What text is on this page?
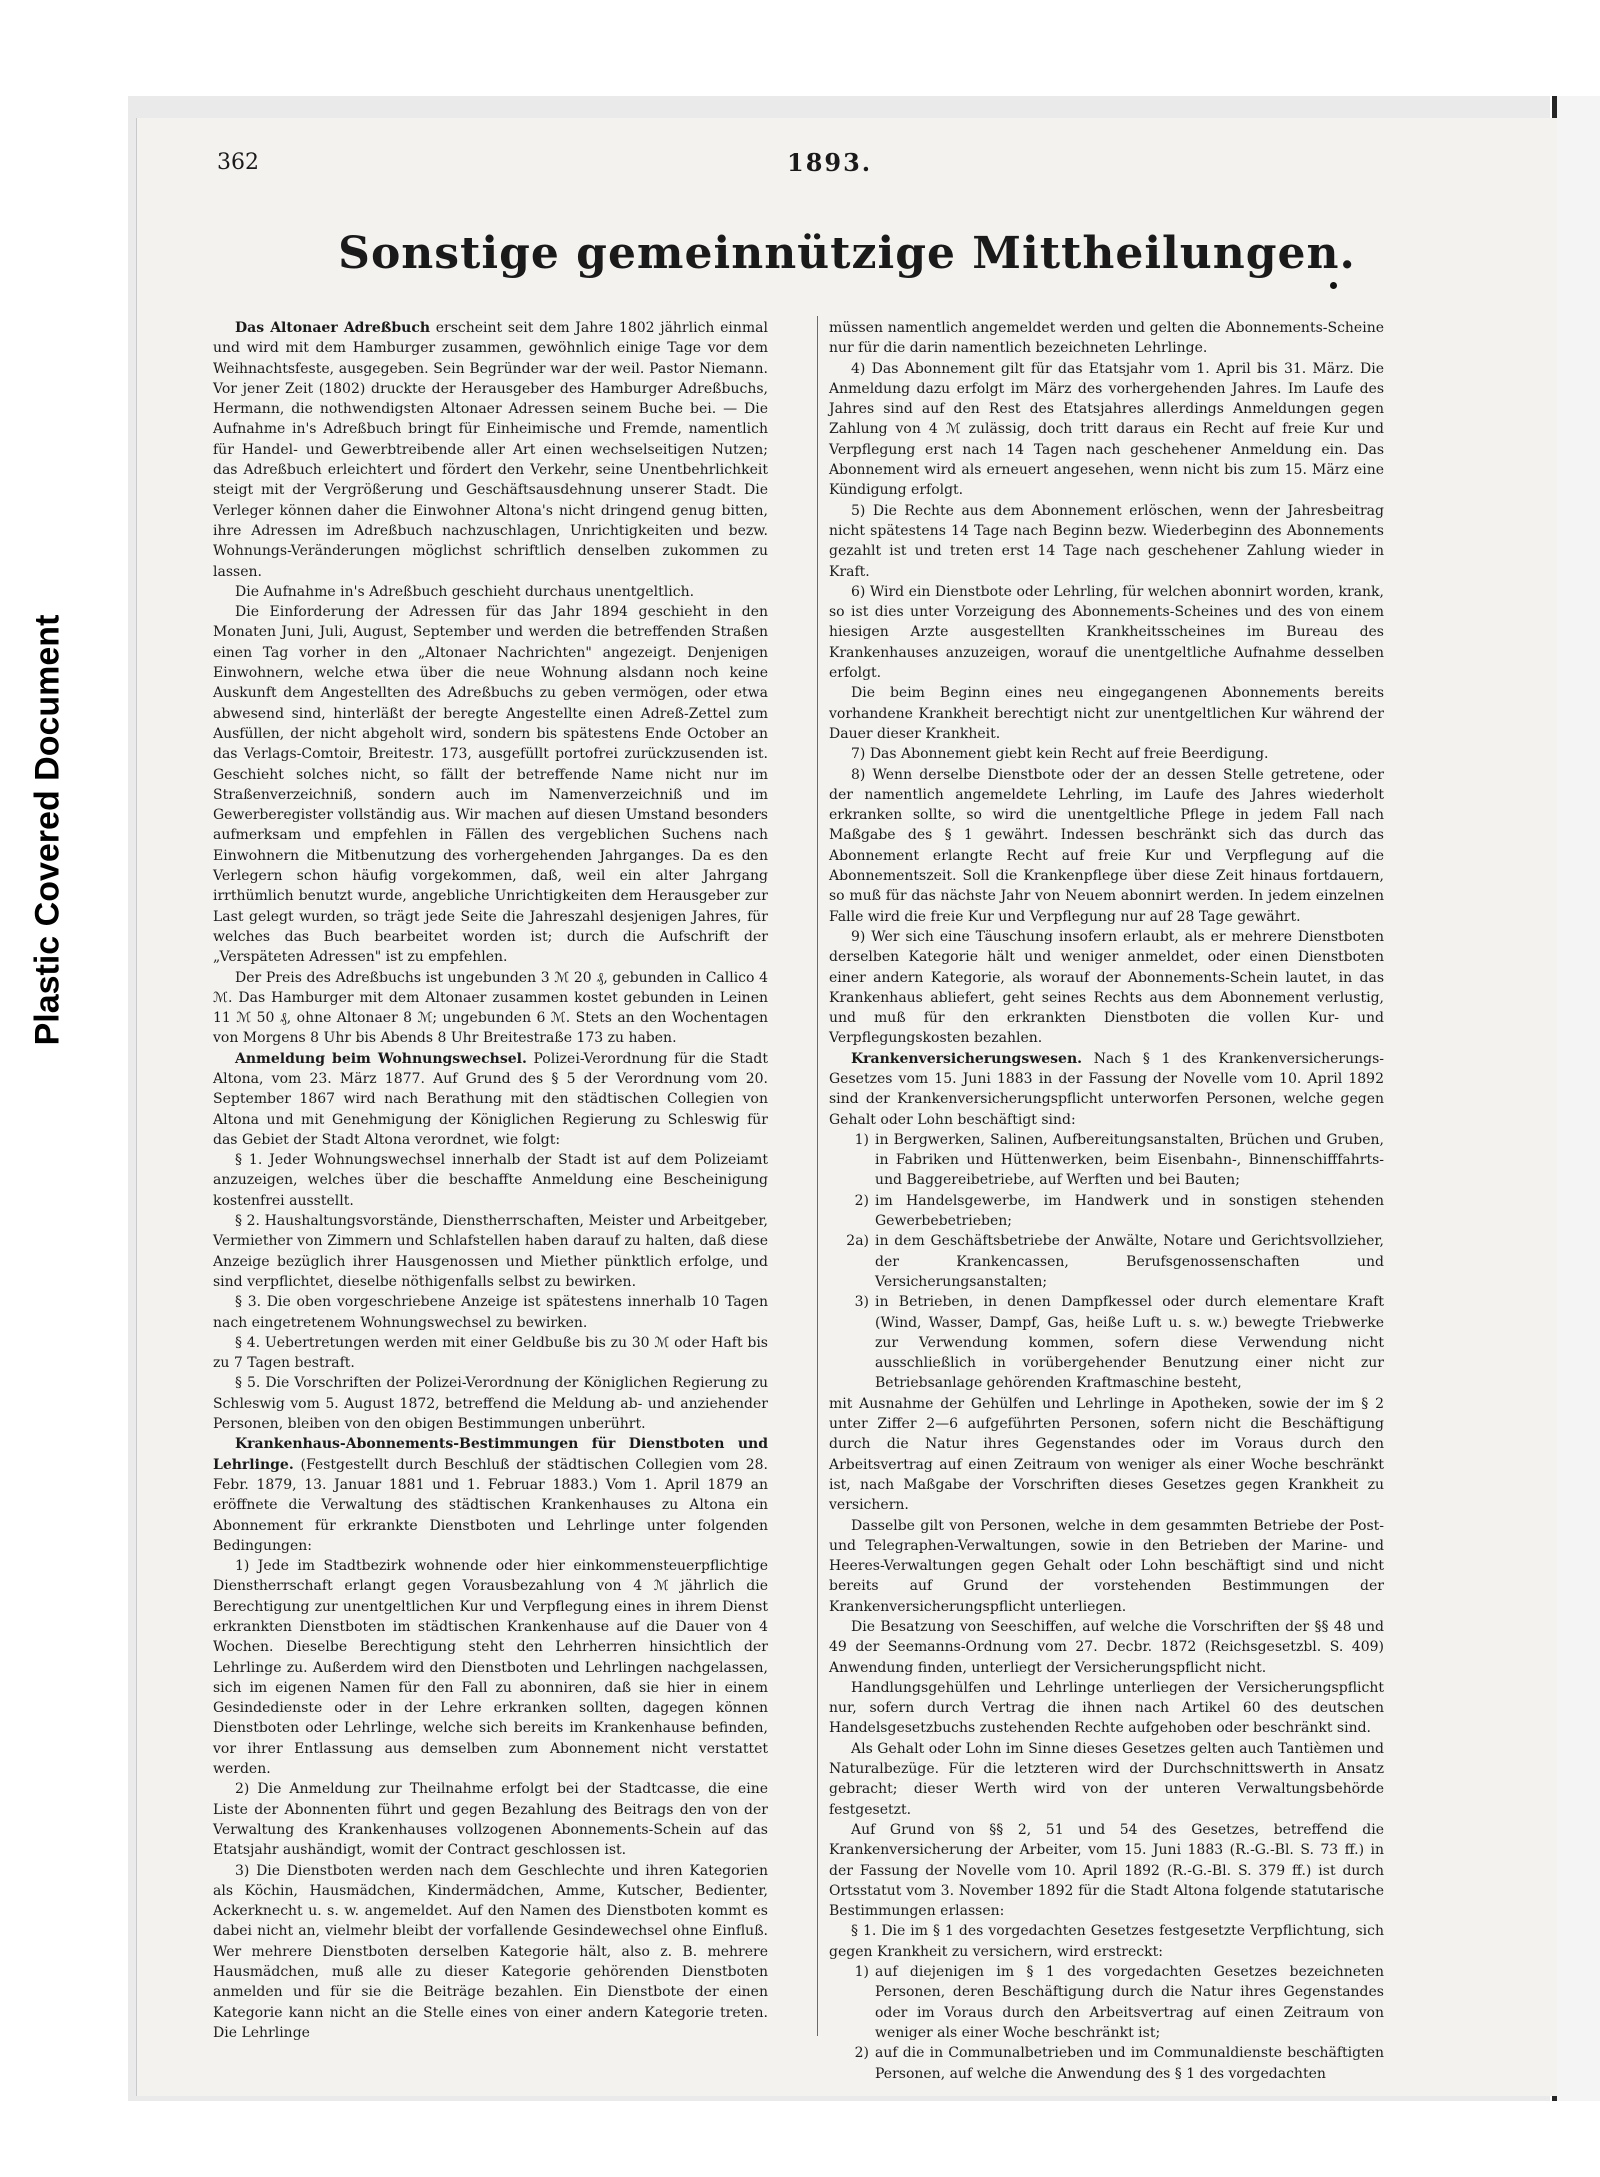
Plastic Covered Document
362	1893.
Sonstige gemeinnützige Mittheilungen.

Das Altonaer Adreßbuch erscheint seit dem Jahre 1802 jährlich einmal und wird mit dem Hamburger zusammen, gewöhnlich einige Tage vor dem Weihnachtsfeste, ausgegeben. Sein Begründer war der weil. Pastor Niemann. Vor jener Zeit (1802) druckte der Herausgeber des Hamburger Adreßbuchs, Hermann, die nothwendigsten Altonaer Adressen seinem Buche bei. — Die Aufnahme in's Adreßbuch bringt für Einheimische und Fremde, namentlich für Handel- und Gewerbtreibende aller Art einen wechselseitigen Nutzen; das Adreßbuch erleichtert und fördert den Verkehr, seine Unentbehrlichkeit steigt mit der Vergrößerung und Geschäftsausdehnung unserer Stadt. Die Verleger können daher die Einwohner Altona's nicht dringend genug bitten, ihre Adressen im Adreßbuch nachzuschlagen, Unrichtigkeiten und bezw. Wohnungs-Veränderungen möglichst schriftlich denselben zukommen zu lassen.

Die Aufnahme in's Adreßbuch geschieht durchaus unentgeltlich.

Die Einforderung der Adressen für das Jahr 1894 geschieht in den Monaten Juni, Juli, August, September und werden die betreffenden Straßen einen Tag vorher in den „Altonaer Nachrichten" angezeigt. Denjenigen Einwohnern, welche etwa über die neue Wohnung alsdann noch keine Auskunft dem Angestellten des Adreßbuchs zu geben vermögen, oder etwa abwesend sind, hinterläßt der beregte Angestellte einen Adreß-Zettel zum Ausfüllen, der nicht abgeholt wird, sondern bis spätestens Ende October an das Verlags-Comtoir, Breitestr. 173, ausgefüllt portofrei zurückzusenden ist. Geschieht solches nicht, so fällt der betreffende Name nicht nur im Straßenverzeichniß, sondern auch im Namenverzeichniß und im Gewerberegister vollständig aus. Wir machen auf diesen Umstand besonders aufmerksam und empfehlen in Fällen des vergeblichen Suchens nach Einwohnern die Mitbenutzung des vorhergehenden Jahrganges. Da es den Verlegern schon häufig vorgekommen, daß, weil ein alter Jahrgang irrthümlich benutzt wurde, angebliche Unrichtigkeiten dem Herausgeber zur Last gelegt wurden, so trägt jede Seite die Jahreszahl desjenigen Jahres, für welches das Buch bearbeitet worden ist; durch die Aufschrift der „Verspäteten Adressen" ist zu empfehlen.

Der Preis des Adreßbuchs ist ungebunden 3 ℳ 20 ₰, gebunden in Callico 4 ℳ. Das Hamburger mit dem Altonaer zusammen kostet gebunden in Leinen 11 ℳ 50 ₰, ohne Altonaer 8 ℳ; ungebunden 6 ℳ. Stets an den Wochentagen von Morgens 8 Uhr bis Abends 8 Uhr Breitestraße 173 zu haben.

Anmeldung beim Wohnungswechsel. Polizei-Verordnung für die Stadt Altona, vom 23. März 1877. Auf Grund des § 5 der Verordnung vom 20. September 1867 wird nach Berathung mit den städtischen Collegien von Altona und mit Genehmigung der Königlichen Regierung zu Schleswig für das Gebiet der Stadt Altona verordnet, wie folgt:

§ 1. Jeder Wohnungswechsel innerhalb der Stadt ist auf dem Polizeiamt anzuzeigen, welches über die beschaffte Anmeldung eine Bescheinigung kostenfrei ausstellt.

§ 2. Haushaltungsvorstände, Dienstherrschaften, Meister und Arbeitgeber, Vermiether von Zimmern und Schlafstellen haben darauf zu halten, daß diese Anzeige bezüglich ihrer Hausgenossen und Miether pünktlich erfolge, und sind verpflichtet, dieselbe nöthigenfalls selbst zu bewirken.

§ 3. Die oben vorgeschriebene Anzeige ist spätestens innerhalb 10 Tagen nach eingetretenem Wohnungswechsel zu bewirken.

§ 4. Uebertretungen werden mit einer Geldbuße bis zu 30 ℳ oder Haft bis zu 7 Tagen bestraft.

§ 5. Die Vorschriften der Polizei-Verordnung der Königlichen Regierung zu Schleswig vom 5. August 1872, betreffend die Meldung ab- und anziehender Personen, bleiben von den obigen Bestimmungen unberührt.

Krankenhaus-Abonnements-Bestimmungen für Dienstboten und Lehrlinge. (Festgestellt durch Beschluß der städtischen Collegien vom 28. Febr. 1879, 13. Januar 1881 und 1. Februar 1883.) Vom 1. April 1879 an eröffnete die Verwaltung des städtischen Krankenhauses zu Altona ein Abonnement für erkrankte Dienstboten und Lehrlinge unter folgenden Bedingungen:

1) Jede im Stadtbezirk wohnende oder hier einkommensteuerpflichtige Dienstherrschaft erlangt gegen Vorausbezahlung von 4 ℳ jährlich die Berechtigung zur unentgeltlichen Kur und Verpflegung eines in ihrem Dienst erkrankten Dienstboten im städtischen Krankenhause auf die Dauer von 4 Wochen. Dieselbe Berechtigung steht den Lehrherren hinsichtlich der Lehrlinge zu. Außerdem wird den Dienstboten und Lehrlingen nachgelassen, sich im eigenen Namen für den Fall zu abonniren, daß sie hier in einem Gesindedienste oder in der Lehre erkranken sollten, dagegen können Dienstboten oder Lehrlinge, welche sich bereits im Krankenhause befinden, vor ihrer Entlassung aus demselben zum Abonnement nicht verstattet werden.

2) Die Anmeldung zur Theilnahme erfolgt bei der Stadtcasse, die eine Liste der Abonnenten führt und gegen Bezahlung des Beitrags den von der Verwaltung des Krankenhauses vollzogenen Abonnements-Schein auf das Etatsjahr aushändigt, womit der Contract geschlossen ist.

3) Die Dienstboten werden nach dem Geschlechte und ihren Kategorien als Köchin, Hausmädchen, Kindermädchen, Amme, Kutscher, Bedienter, Ackerknecht u. s. w. angemeldet. Auf den Namen des Dienstboten kommt es dabei nicht an, vielmehr bleibt der vorfallende Gesindewechsel ohne Einfluß. Wer mehrere Dienstboten derselben Kategorie hält, also z. B. mehrere Hausmädchen, muß alle zu dieser Kategorie gehörenden Dienstboten anmelden und für sie die Beiträge bezahlen. Ein Dienstbote der einen Kategorie kann nicht an die Stelle eines von einer andern Kategorie treten. Die Lehrlinge

müssen namentlich angemeldet werden und gelten die Abonnements-Scheine nur für die darin namentlich bezeichneten Lehrlinge.

4) Das Abonnement gilt für das Etatsjahr vom 1. April bis 31. März. Die Anmeldung dazu erfolgt im März des vorhergehenden Jahres. Im Laufe des Jahres sind auf den Rest des Etatsjahres allerdings Anmeldungen gegen Zahlung von 4 ℳ zulässig, doch tritt daraus ein Recht auf freie Kur und Verpflegung erst nach 14 Tagen nach geschehener Anmeldung ein. Das Abonnement wird als erneuert angesehen, wenn nicht bis zum 15. März eine Kündigung erfolgt.

5) Die Rechte aus dem Abonnement erlöschen, wenn der Jahresbeitrag nicht spätestens 14 Tage nach Beginn bezw. Wiederbeginn des Abonnements gezahlt ist und treten erst 14 Tage nach geschehener Zahlung wieder in Kraft.

6) Wird ein Dienstbote oder Lehrling, für welchen abonnirt worden, krank, so ist dies unter Vorzeigung des Abonnements-Scheines und des von einem hiesigen Arzte ausgestellten Krankheitsscheines im Bureau des Krankenhauses anzuzeigen, worauf die unentgeltliche Aufnahme desselben erfolgt.

Die beim Beginn eines neu eingegangenen Abonnements bereits vorhandene Krankheit berechtigt nicht zur unentgeltlichen Kur während der Dauer dieser Krankheit.

7) Das Abonnement giebt kein Recht auf freie Beerdigung.

8) Wenn derselbe Dienstbote oder der an dessen Stelle getretene, oder der namentlich angemeldete Lehrling, im Laufe des Jahres wiederholt erkranken sollte, so wird die unentgeltliche Pflege in jedem Fall nach Maßgabe des § 1 gewährt. Indessen beschränkt sich das durch das Abonnement erlangte Recht auf freie Kur und Verpflegung auf die Abonnementszeit. Soll die Krankenpflege über diese Zeit hinaus fortdauern, so muß für das nächste Jahr von Neuem abonnirt werden. In jedem einzelnen Falle wird die freie Kur und Verpflegung nur auf 28 Tage gewährt.

9) Wer sich eine Täuschung insofern erlaubt, als er mehrere Dienstboten derselben Kategorie hält und weniger anmeldet, oder einen Dienstboten einer andern Kategorie, als worauf der Abonnements-Schein lautet, in das Krankenhaus abliefert, geht seines Rechts aus dem Abonnement verlustig, und muß für den erkrankten Dienstboten die vollen Kur- und Verpflegungskosten bezahlen.

Krankenversicherungswesen. Nach § 1 des Krankenversicherungs-Gesetzes vom 15. Juni 1883 in der Fassung der Novelle vom 10. April 1892 sind der Krankenversicherungspflicht unterworfen Personen, welche gegen Gehalt oder Lohn beschäftigt sind:

1) in Bergwerken, Salinen, Aufbereitungsanstalten, Brüchen und Gruben, in Fabriken und Hüttenwerken, beim Eisenbahn-, Binnenschifffahrts- und Baggereibetriebe, auf Werften und bei Bauten;
2) im Handelsgewerbe, im Handwerk und in sonstigen stehenden Gewerbebetrieben;
2a) in dem Geschäftsbetriebe der Anwälte, Notare und Gerichtsvollzieher, der Krankencassen, Berufsgenossenschaften und Versicherungsanstalten;
3) in Betrieben, in denen Dampfkessel oder durch elementare Kraft (Wind, Wasser, Dampf, Gas, heiße Luft u. s. w.) bewegte Triebwerke zur Verwendung kommen, sofern diese Verwendung nicht ausschließlich in vorübergehender Benutzung einer nicht zur Betriebsanlage gehörenden Kraftmaschine besteht,

mit Ausnahme der Gehülfen und Lehrlinge in Apotheken, sowie der im § 2 unter Ziffer 2—6 aufgeführten Personen, sofern nicht die Beschäftigung durch die Natur ihres Gegenstandes oder im Voraus durch den Arbeitsvertrag auf einen Zeitraum von weniger als einer Woche beschränkt ist, nach Maßgabe der Vorschriften dieses Gesetzes gegen Krankheit zu versichern.

Dasselbe gilt von Personen, welche in dem gesammten Betriebe der Post- und Telegraphen-Verwaltungen, sowie in den Betrieben der Marine- und Heeres-Verwaltungen gegen Gehalt oder Lohn beschäftigt sind und nicht bereits auf Grund der vorstehenden Bestimmungen der Krankenversicherungspflicht unterliegen.

Die Besatzung von Seeschiffen, auf welche die Vorschriften der §§ 48 und 49 der Seemanns-Ordnung vom 27. Decbr. 1872 (Reichsgesetzbl. S. 409) Anwendung finden, unterliegt der Versicherungspflicht nicht.

Handlungsgehülfen und Lehrlinge unterliegen der Versicherungspflicht nur, sofern durch Vertrag die ihnen nach Artikel 60 des deutschen Handelsgesetzbuchs zustehenden Rechte aufgehoben oder beschränkt sind.

Als Gehalt oder Lohn im Sinne dieses Gesetzes gelten auch Tantièmen und Naturalbezüge. Für die letzteren wird der Durchschnittswerth in Ansatz gebracht; dieser Werth wird von der unteren Verwaltungsbehörde festgesetzt.

Auf Grund von §§ 2, 51 und 54 des Gesetzes, betreffend die Krankenversicherung der Arbeiter, vom 15. Juni 1883 (R.-G.-Bl. S. 73 ff.) in der Fassung der Novelle vom 10. April 1892 (R.-G.-Bl. S. 379 ff.) ist durch Ortsstatut vom 3. November 1892 für die Stadt Altona folgende statutarische Bestimmungen erlassen:

§ 1. Die im § 1 des vorgedachten Gesetzes festgesetzte Verpflichtung, sich gegen Krankheit zu versichern, wird erstreckt:

1) auf diejenigen im § 1 des vorgedachten Gesetzes bezeichneten Personen, deren Beschäftigung durch die Natur ihres Gegenstandes oder im Voraus durch den Arbeitsvertrag auf einen Zeitraum von weniger als einer Woche beschränkt ist;
2) auf die in Communalbetrieben und im Communaldienste beschäftigten Personen, auf welche die Anwendung des § 1 des vorgedachten
